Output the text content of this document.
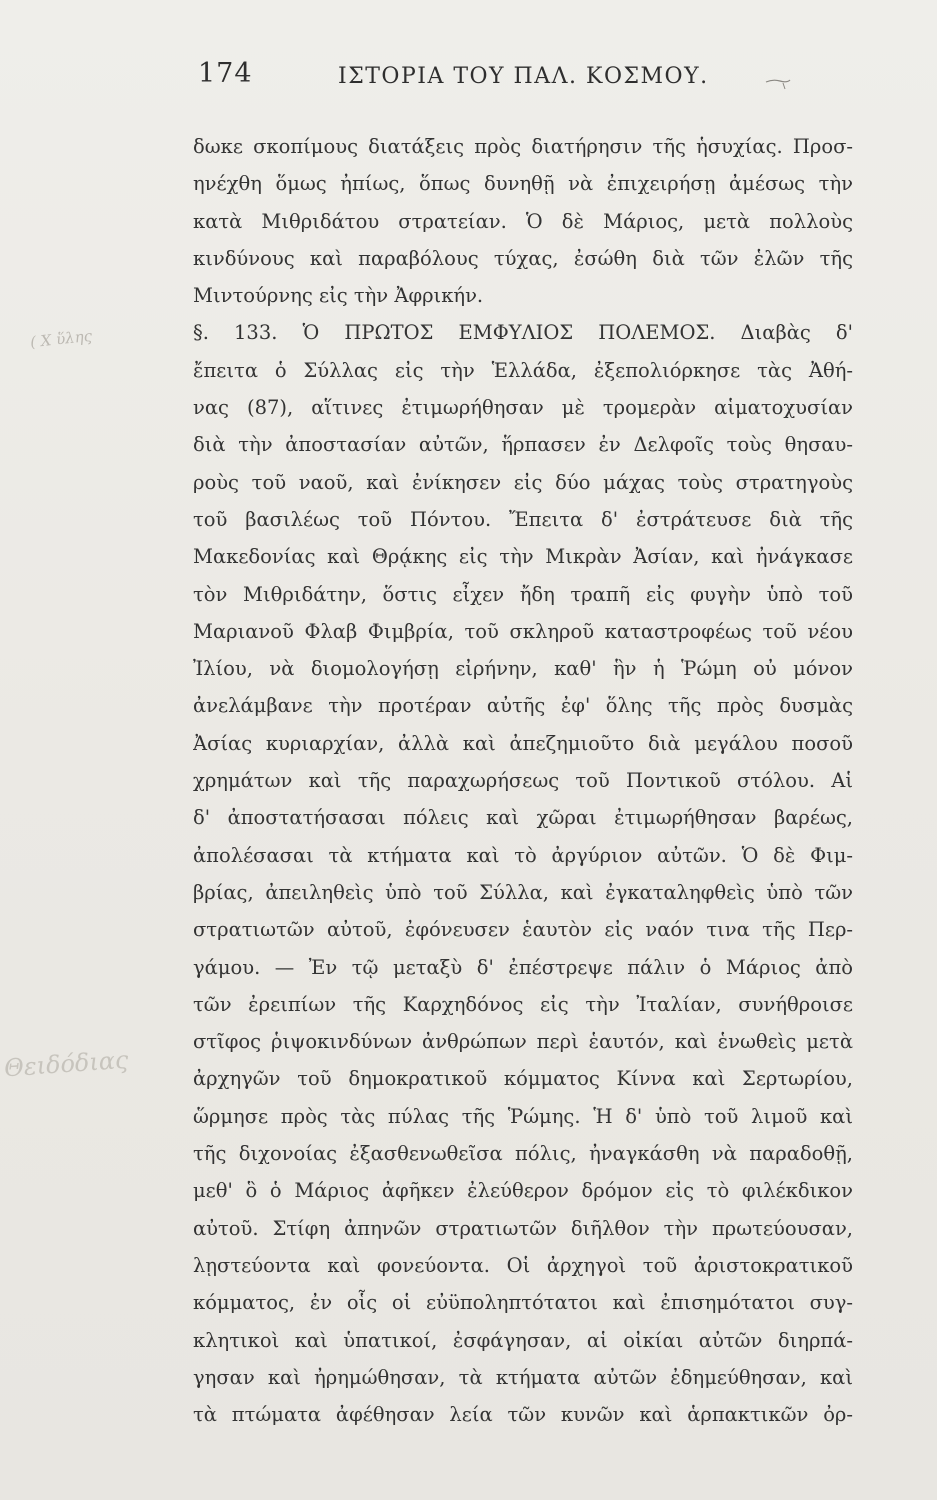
174	ΙΣΤΟΡΙΑ ΤΟΥ ΠΑΛ. ΚΟΣΜΟΥ.
( Χ ὕλης
Θειδόδιας
δωκε σκοπίμους διατάξεις πρὸς διατήρησιν τῆς ἡσυχίας. Προσ-
ηνέχθη ὅμως ἠπίως, ὅπως δυνηθῇ νὰ ἐπιχειρήσῃ ἀμέσως τὴν
κατὰ Μιθριδάτου στρατείαν. Ὁ δὲ Μάριος, μετὰ πολλοὺς
κινδύνους καὶ παραβόλους τύχας, ἐσώθη διὰ τῶν ἑλῶν τῆς
Μιντούρνης εἰς τὴν Ἀφρικήν.
§. 133. Ὁ ΠΡΩΤΟΣ ΕΜΦΥΛΙΟΣ ΠΟΛΕΜΟΣ. Διαβὰς δ'
ἔπειτα ὁ Σύλλας εἰς τὴν Ἑλλάδα, ἐξεπολιόρκησε τὰς Ἀθή-
νας (87), αἵτινες ἐτιμωρήθησαν μὲ τρομερὰν αἱματοχυσίαν
διὰ τὴν ἀποστασίαν αὐτῶν, ἥρπασεν ἐν Δελφοῖς τοὺς θησαυ-
ροὺς τοῦ ναοῦ, καὶ ἐνίκησεν εἰς δύο μάχας τοὺς στρατηγοὺς
τοῦ βασιλέως τοῦ Πόντου. Ἔπειτα δ' ἐστράτευσε διὰ τῆς
Μακεδονίας καὶ Θρᾴκης εἰς τὴν Μικρὰν Ἀσίαν, καὶ ἠνάγκασε
τὸν Μιθριδάτην, ὅστις εἶχεν ἤδη τραπῆ εἰς φυγὴν ὑπὸ τοῦ
Μαριανοῦ Φλαβ Φιμβρία, τοῦ σκληροῦ καταστροφέως τοῦ νέου
Ἰλίου, νὰ διομολογήσῃ εἰρήνην, καθ' ἣν ἡ Ῥώμη οὐ μόνον
ἀνελάμβανε τὴν προτέραν αὐτῆς ἐφ' ὅλης τῆς πρὸς δυσμὰς
Ἀσίας κυριαρχίαν, ἀλλὰ καὶ ἀπεζημιοῦτο διὰ μεγάλου ποσοῦ
χρημάτων καὶ τῆς παραχωρήσεως τοῦ Ποντικοῦ στόλου. Αἱ
δ' ἀποστατήσασαι πόλεις καὶ χῶραι ἐτιμωρήθησαν βαρέως,
ἀπολέσασαι τὰ κτήματα καὶ τὸ ἀργύριον αὐτῶν. Ὁ δὲ Φιμ-
βρίας, ἀπειληθεὶς ὑπὸ τοῦ Σύλλα, καὶ ἐγκαταληφθεὶς ὑπὸ τῶν
στρατιωτῶν αὐτοῦ, ἐφόνευσεν ἑαυτὸν εἰς ναόν τινα τῆς Περ-
γάμου. — Ἐν τῷ μεταξὺ δ' ἐπέστρεψε πάλιν ὁ Μάριος ἀπὸ
τῶν ἐρειπίων τῆς Καρχηδόνος εἰς τὴν Ἰταλίαν, συνήθροισε
στῖφος ῥιψοκινδύνων ἀνθρώπων περὶ ἑαυτόν, καὶ ἑνωθεὶς μετὰ
ἀρχηγῶν τοῦ δημοκρατικοῦ κόμματος Κίννα καὶ Σερτωρίου,
ὥρμησε πρὸς τὰς πύλας τῆς Ῥώμης. Ἡ δ' ὑπὸ τοῦ λιμοῦ καὶ
τῆς διχονοίας ἐξασθενωθεῖσα πόλις, ἠναγκάσθη νὰ παραδοθῇ,
μεθ' ὃ ὁ Μάριος ἀφῆκεν ἐλεύθερον δρόμον εἰς τὸ φιλέκδικον
αὐτοῦ. Στίφη ἀπηνῶν στρατιωτῶν διῆλθον τὴν πρωτεύουσαν,
λῃστεύοντα καὶ φονεύοντα. Οἱ ἀρχηγοὶ τοῦ ἀριστοκρατικοῦ
κόμματος, ἐν οἷς οἱ εὐϋποληπτότατοι καὶ ἐπισημότατοι συγ-
κλητικοὶ καὶ ὑπατικοί, ἐσφάγησαν, αἱ οἰκίαι αὐτῶν διηρπά-
γησαν καὶ ἠρημώθησαν, τὰ κτήματα αὐτῶν ἐδημεύθησαν, καὶ
τὰ πτώματα ἀφέθησαν λεία τῶν κυνῶν καὶ ἁρπακτικῶν ὀρ-
